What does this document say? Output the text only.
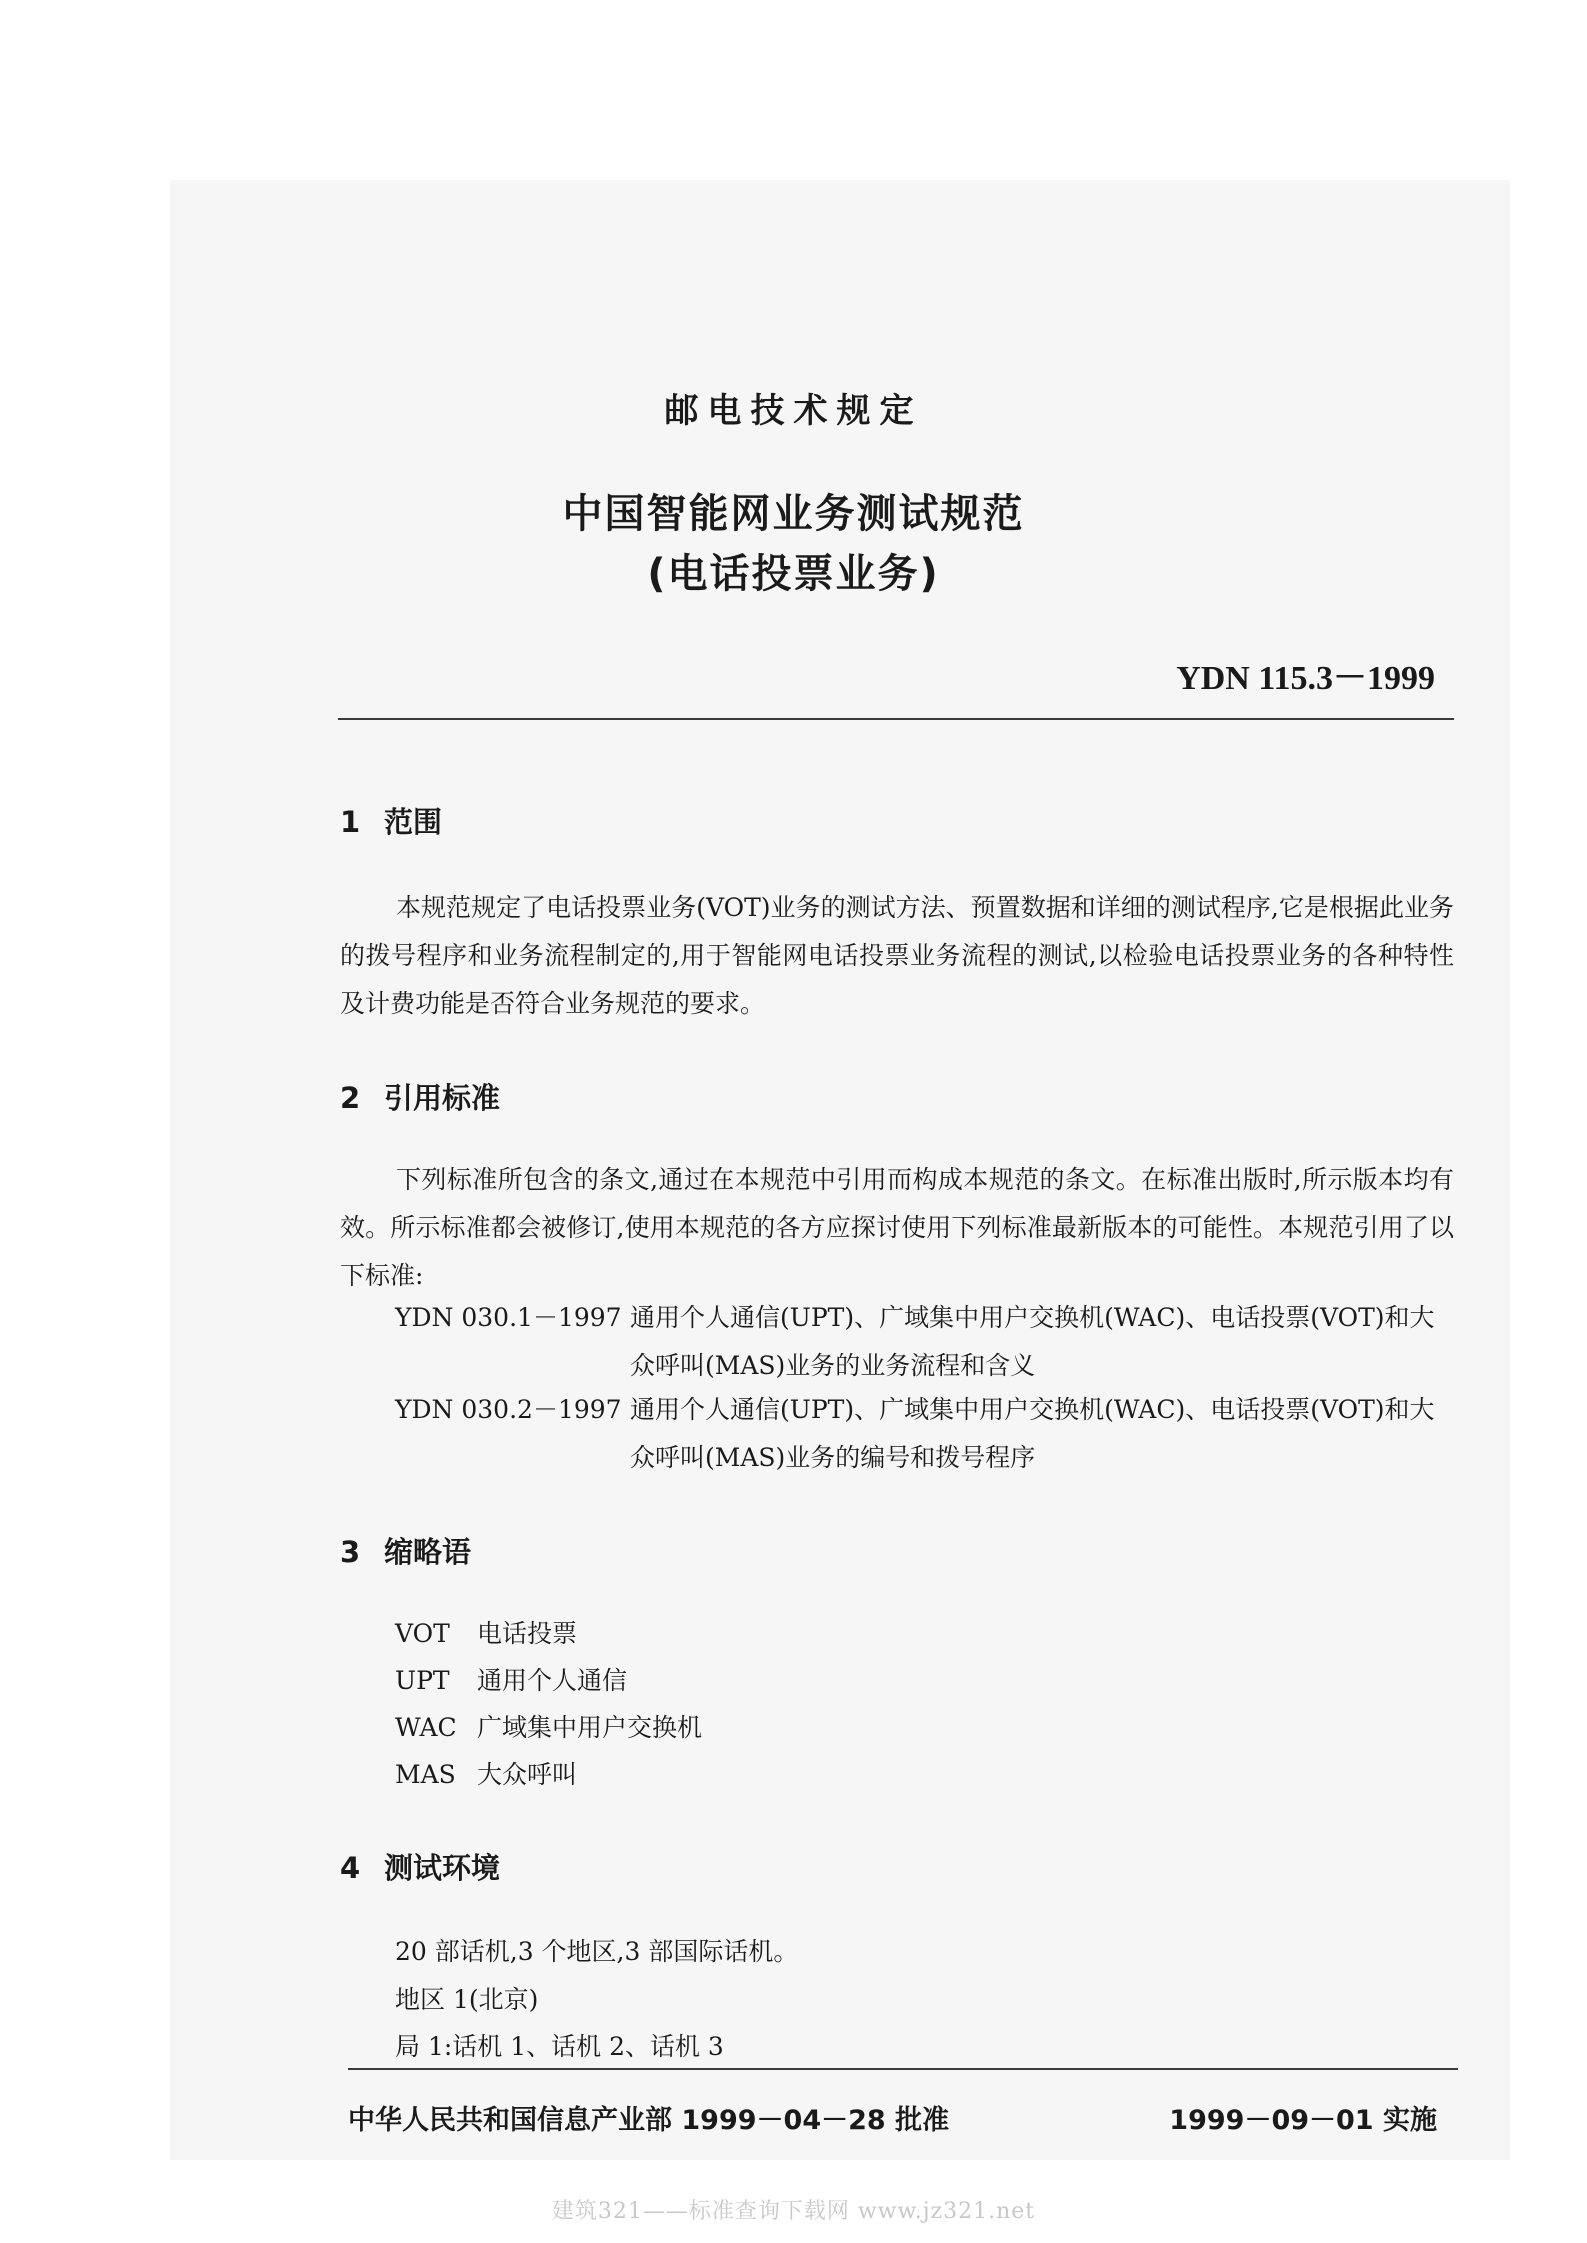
邮电技术规定
中国智能网业务测试规范
(电话投票业务)
YDN 115.3－1999
1 范围
本规范规定了电话投票业务(VOT)业务的测试方法、预置数据和详细的测试程序,它是根据此业务的拨号程序和业务流程制定的,用于智能网电话投票业务流程的测试,以检验电话投票业务的各种特性及计费功能是否符合业务规范的要求。
2 引用标准
下列标准所包含的条文,通过在本规范中引用而构成本规范的条文。在标准出版时,所示版本均有效。所示标准都会被修订,使用本规范的各方应探讨使用下列标准最新版本的可能性。本规范引用了以下标准:
YDN 030.1－1997 通用个人通信(UPT)、广域集中用户交换机(WAC)、电话投票(VOT)和大众呼叫(MAS)业务的业务流程和含义
YDN 030.2－1997 通用个人通信(UPT)、广域集中用户交换机(WAC)、电话投票(VOT)和大众呼叫(MAS)业务的编号和拨号程序
3 缩略语
VOT 电话投票
UPT 通用个人通信
WAC 广域集中用户交换机
MAS 大众呼叫
4 测试环境
20 部话机,3 个地区,3 部国际话机。
地区 1(北京)
局 1:话机 1、话机 2、话机 3
中华人民共和国信息产业部 1999－04－28 批准	1999－09－01 实施
建筑321——标准查询下载网 www.jz321.net
